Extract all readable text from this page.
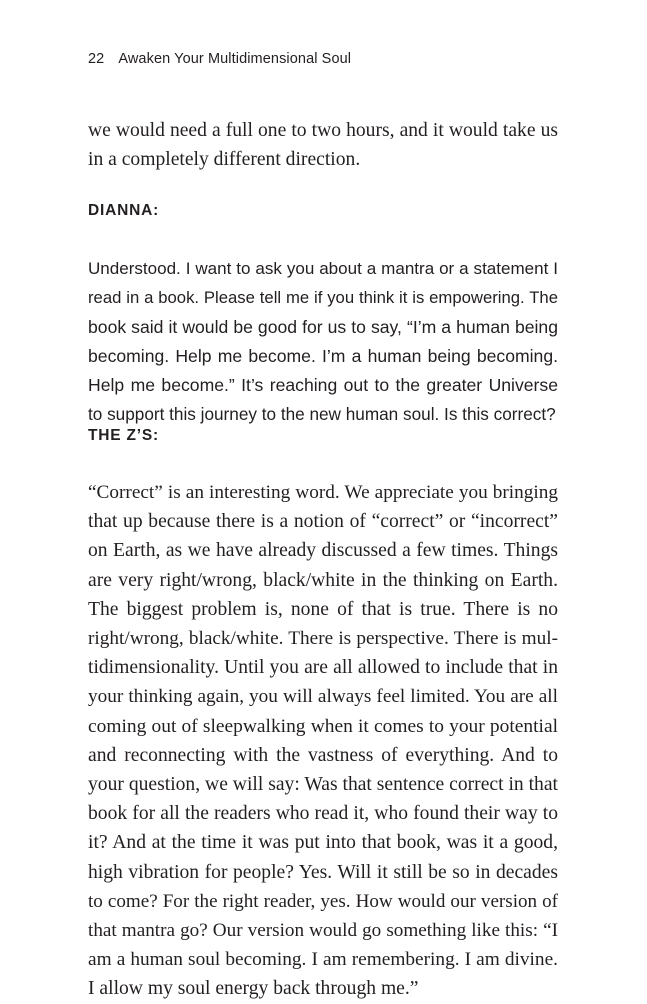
22 Awaken Your Multidimensional Soul

we would need a full one to two hours, and it would take us
in a completely different direction.

DIANNA:

Understood. I want to ask you about a mantra or a statement I
read in a book. Please tell me if you think it is empowering. The
book said it would be good for us to say, “I’m a human being
becoming. Help me become. I’m a human being becoming.
Help me become.” It’s reaching out to the greater Universe
to support this journey to the new human soul. Is this correct?

THE Z’S:

“Correct” is an interesting word. We appreciate you bringing
that up because there is a notion of “correct” or “incorrect”
on Earth, as we have already discussed a few times. Things
are very right/wrong, black/white in the thinking on Earth.
The biggest problem is, none of that is true. There is no
right/wrong, black/white. There is perspective. There is mul-
tidimensionality. Until you are all allowed to include that in
your thinking again, you will always feel limited. You are all
coming out of sleepwalking when it comes to your potential
and reconnecting with the vastness of everything. And to
your question, we will say: Was that sentence correct in that
book for all the readers who read it, who found their way to
it? And at the time it was put into that book, was it a good,
high vibration for people? Yes. Will it still be so in decades
to come? For the right reader, yes. How would our version of
that mantra go? Our version would go something like this: “I
am a human soul becoming. I am remembering. I am divine.
I allow my soul energy back through me.”
